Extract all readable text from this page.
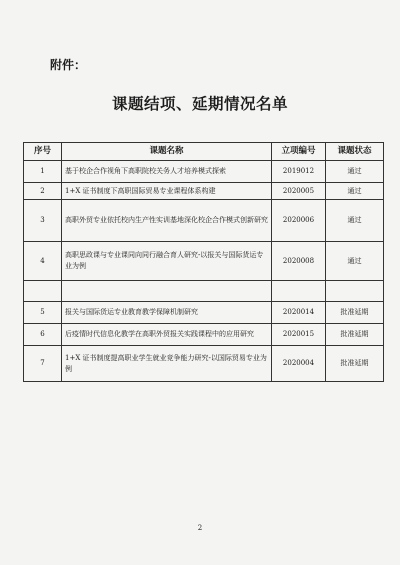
附件：
课题结项、延期情况名单
序号	课题名称	立项编号	课题状态
1	基于校企合作视角下高职院校关务人才培养模式探索	2019012	通过
2	1+X 证书制度下高职国际贸易专业课程体系构建	2020005	通过
3	高职外贸专业依托校内生产性实训基地深化校企合作模式创新研究	2020006	通过
4	高职思政课与专业课同向同行融合育人研究-以报关与国际货运专业为例	2020008	通过

5	报关与国际货运专业教育教学保障机制研究	2020014	批准延期
6	后疫情时代信息化教学在高职外贸报关实践课程中的应用研究	2020015	批准延期
7	1+X 证书制度提高职业学生就业竞争能力研究-以国际贸易专业为例	2020004	批准延期
2
